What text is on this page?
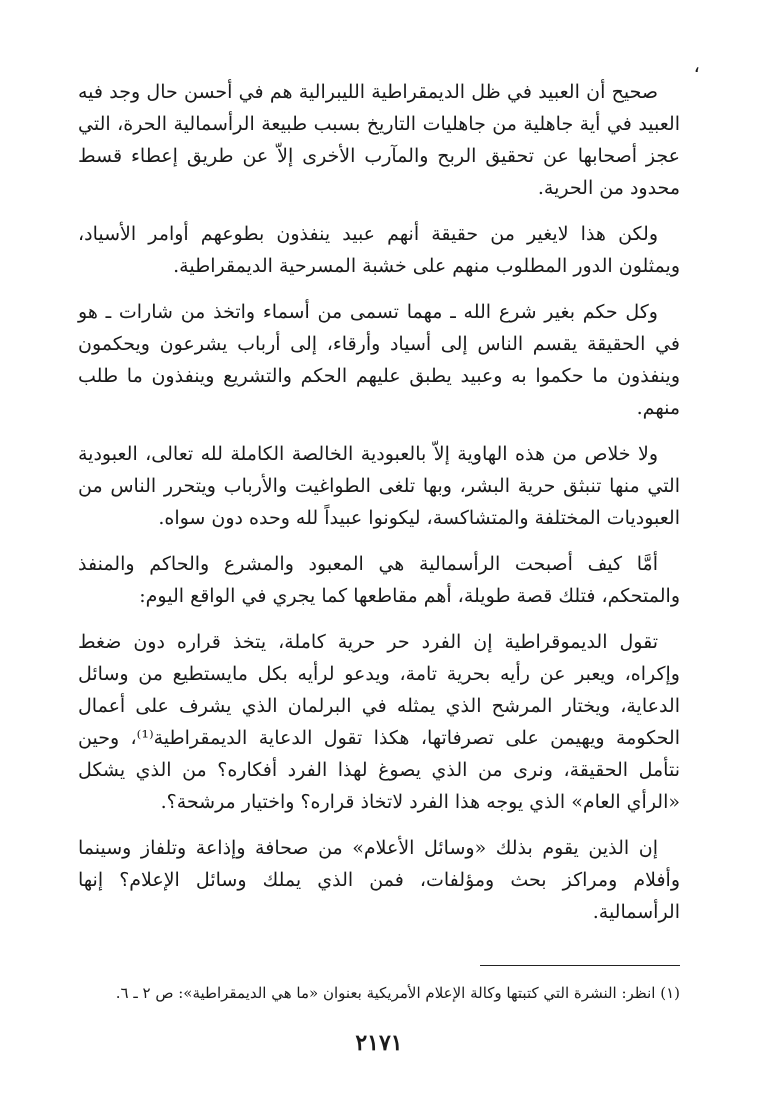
،

صحيح أن العبيد في ظل الديمقراطية الليبرالية هم في أحسن حال وجد فيه العبيد في أية جاهلية من جاهليات التاريخ بسبب طبيعة الرأسمالية الحرة، التي عجز أصحابها عن تحقيق الربح والمآرب الأخرى إلاّ عن طريق إعطاء قسط محدود من الحرية.

ولكن هذا لايغير من حقيقة أنهم عبيد ينفذون بطوعهم أوامر الأسياد، ويمثلون الدور المطلوب منهم على خشبة المسرحية الديمقراطية.

وكل حكم بغير شرع الله ـ مهما تسمى من أسماء واتخذ من شارات ـ هو في الحقيقة يقسم الناس إلى أسياد وأرقاء، إلى أرباب يشرعون ويحكمون وينفذون ما حكموا به وعبيد يطبق عليهم الحكم والتشريع وينفذون ما طلب منهم.

ولا خلاص من هذه الهاوية إلاّ بالعبودية الخالصة الكاملة لله تعالى، العبودية التي منها تنبثق حرية البشر، وبها تلغى الطواغيت والأرباب ويتحرر الناس من العبوديات المختلفة والمتشاكسة، ليكونوا عبيداً لله وحده دون سواه.

أمَّا كيف أصبحت الرأسمالية هي المعبود والمشرع والحاكم والمنفذ والمتحكم، فتلك قصة طويلة، أهم مقاطعها كما يجري في الواقع اليوم:

تقول الديموقراطية إن الفرد حر حرية كاملة، يتخذ قراره دون ضغط وإكراه، ويعبر عن رأيه بحرية تامة، ويدعو لرأيه بكل مايستطيع من وسائل الدعاية، ويختار المرشح الذي يمثله في البرلمان الذي يشرف على أعمال الحكومة ويهيمن على تصرفاتها، هكذا تقول الدعاية الديمقراطية⁽¹⁾، وحين نتأمل الحقيقة، ونرى من الذي يصوغ لهذا الفرد أفكاره؟ من الذي يشكل «الرأي العام» الذي يوجه هذا الفرد لاتخاذ قراره؟ واختيار مرشحة؟.

إن الذين يقوم بذلك «وسائل الأعلام» من صحافة وإذاعة وتلفاز وسينما وأفلام ومراكز بحث ومؤلفات، فمن الذي يملك وسائل الإعلام؟ إنها الرأسمالية.

(١) انظر: النشرة التي كتبتها وكالة الإعلام الأمريكية بعنوان «ما هي الديمقراطية»: ص ٢ ـ ٦.
٢١٧١
